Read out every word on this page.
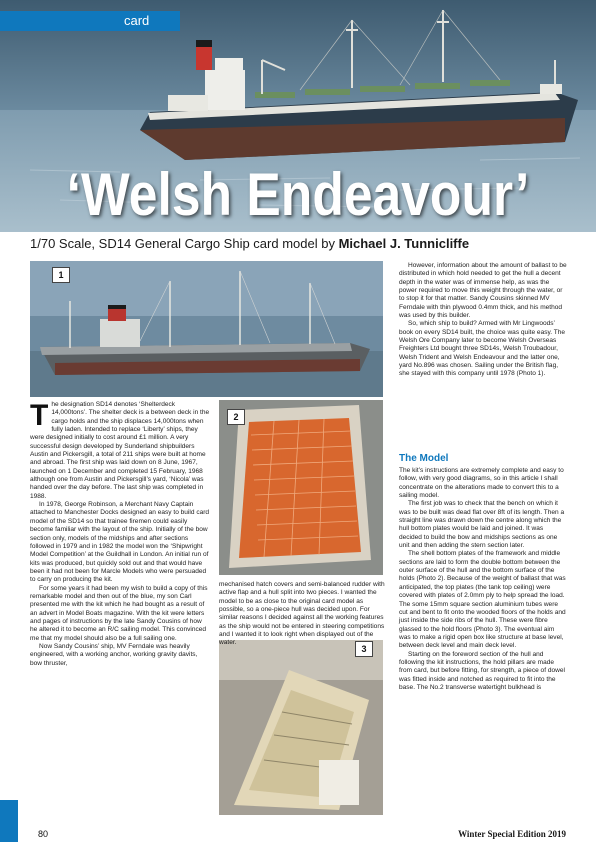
card
‘Welsh Endeavour’
1/70 Scale, SD14 General Cargo Ship card model by Michael J. Tunnicliffe
1
2
3

The designation SD14 denotes ‘Shelterdeck 14,000tons’. The shelter deck is a between deck in the cargo holds and the ship displaces 14,000tons when fully laden. Intended to replace ‘Liberty’ ships, they were designed initially to cost around £1 million. A very successful design developed by Sunderland shipbuilders Austin and Pickersgill, a total of 211 ships were built at home and abroad. The first ship was laid down on 8 June, 1967, launched on 1 December and completed 15 February, 1968 although one from Austin and Pickersgill’s yard, ‘Nicola’ was handed over the day before. The last ship was completed in 1988.

In 1978, George Robinson, a Merchant Navy Captain attached to Manchester Docks designed an easy to build card model of the SD14 so that trainee firemen could easily become familiar with the layout of the ship. Initially of the bow section only, models of the midships and after sections followed in 1979 and in 1982 the model won the ‘Shipwright Model Competition’ at the Guildhall in London. An initial run of kits was produced, but quickly sold out and that would have been it had not been for Marcle Models who were persuaded to carry on producing the kit.

For some years it had been my wish to build a copy of this remarkable model and then out of the blue, my son Carl presented me with the kit which he had bought as a result of an advert in Model Boats magazine. With the kit were letters and pages of instructions by the late Sandy Cousins of how he altered it to become an R/C sailing model. This convinced me that my model should also be a full sailing one.

Now Sandy Cousins’ ship, MV Ferndale was heavily engineered, with a working anchor, working gravity davits, bow thruster,

mechanised hatch covers and semi-balanced rudder with active flap and a hull split into two pieces. I wanted the model to be as close to the original card model as possible, so a one-piece hull was decided upon. For similar reasons I decided against all the working features as the ship would not be entered in steering competitions and I wanted it to look right when displayed out of the water.

However, information about the amount of ballast to be distributed in which hold needed to get the hull a decent depth in the water was of immense help, as was the power required to move this weight through the water, or to stop it for that matter. Sandy Cousins skinned MV Ferndale with thin plywood 0.4mm thick, and his method was used by this builder.

So, which ship to build? Armed with Mr Lingwoods’ book on every SD14 built, the choice was quite easy. The Welsh Ore Company later to become Welsh Overseas Freighters Ltd bought three SD14s, Welsh Troubadour, Welsh Trident and Welsh Endeavour and the latter one, yard No.896 was chosen. Sailing under the British flag, she stayed with this company until 1978 (Photo 1).

The Model

The kit’s instructions are extremely complete and easy to follow, with very good diagrams, so in this article I shall concentrate on the alterations made to convert this to a sailing model.

The first job was to check that the bench on which it was to be built was dead flat over 8ft of its length. Then a straight line was drawn down the centre along which the hull bottom plates would be laid and joined. It was decided to build the bow and midships sections as one unit and then adding the stern section later.

The shell bottom plates of the framework and middle sections are laid to form the double bottom between the outer surface of the hull and the bottom surface of the holds (Photo 2). Because of the weight of ballast that was anticipated, the top plates (the tank top ceiling) were covered with plates of 2.0mm ply to help spread the load. The some 15mm square section aluminium tubes were cut and bent to fit onto the wooded floors of the holds and just inside the side ribs of the hull. These were fibre glassed to the hold floors (Photo 3). The eventual aim was to make a rigid open box like structure at base level, between deck level and main deck level.

Starting on the foreword section of the hull and following the kit instructions, the hold pillars are made from card, but before fitting, for strength, a piece of dowel was fitted inside and notched as required to fit into the base. The No.2 transverse watertight bulkhead is

80	Winter Special Edition 2019
